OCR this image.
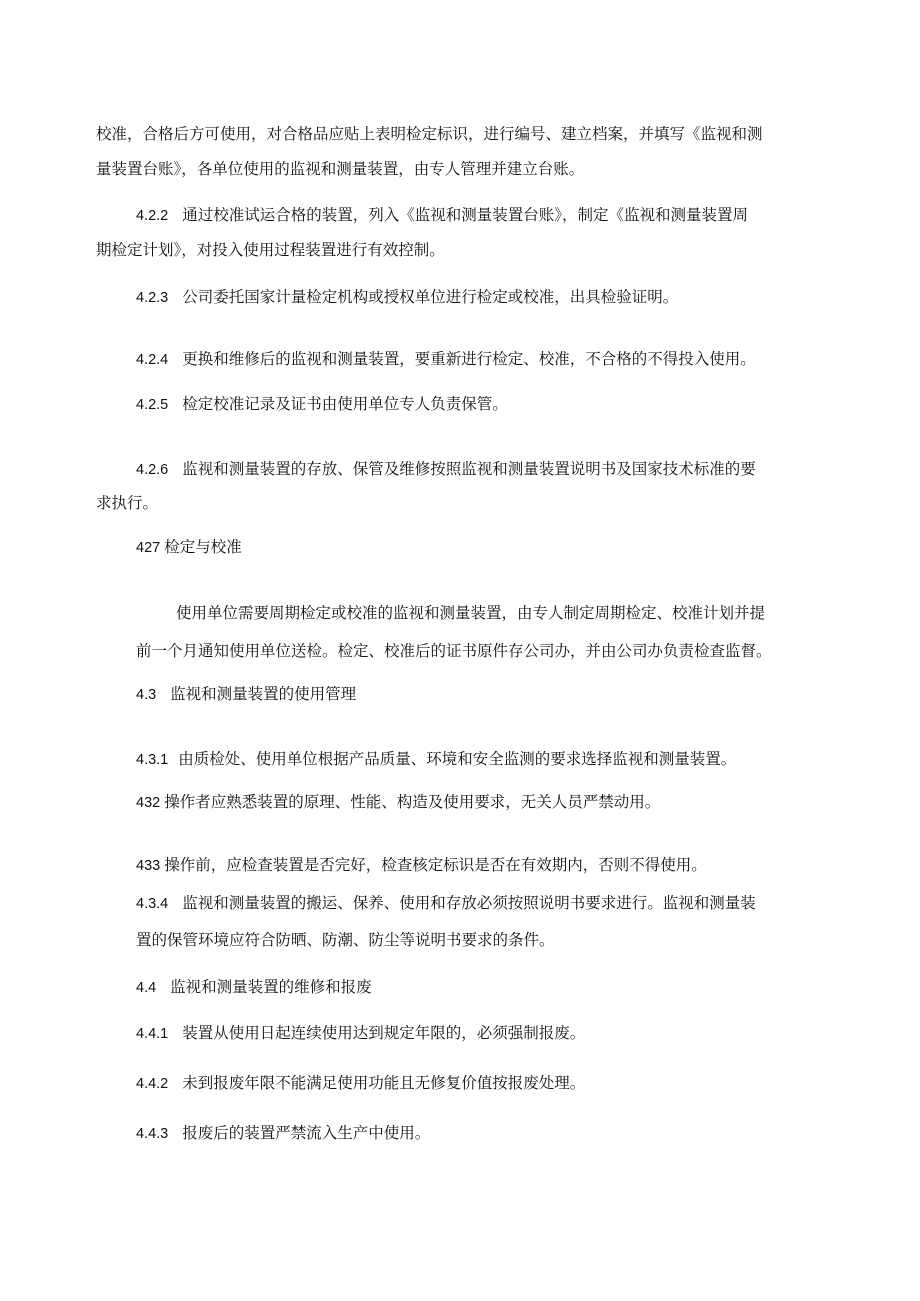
校准，合格后方可使用，对合格品应贴上表明检定标识，进行编号、建立档案，并填写《监视和测
量装置台账》，各单位使用的监视和测量装置，由专人管理并建立台账。

4.2.2 通过校准试运合格的装置，列入《监视和测量装置台账》，制定《监视和测量装置周

期检定计划》，对投入使用过程装置进行有效控制。

4.2.3 公司委托国家计量检定机构或授权单位进行检定或校准，出具检验证明。

4.2.4 更换和维修后的监视和测量装置，要重新进行检定、校准，不合格的不得投入使用。

4.2.5 检定校准记录及证书由使用单位专人负责保管。

4.2.6 监视和测量装置的存放、保管及维修按照监视和测量装置说明书及国家技术标准的要

求执行。

427 检定与校准

使用单位需要周期检定或校准的监视和测量装置，由专人制定周期检定、校准计划并提

前一个月通知使用单位送检。检定、校准后的证书原件存公司办，并由公司办负责检查监督。

4.3 监视和测量装置的使用管理

4.3.1 由质检处、使用单位根据产品质量、环境和安全监测的要求选择监视和测量装置。

432 操作者应熟悉装置的原理、性能、构造及使用要求，无关人员严禁动用。

433 操作前，应检查装置是否完好，检查核定标识是否在有效期内，否则不得使用。

4.3.4 监视和测量装置的搬运、保养、使用和存放必须按照说明书要求进行。监视和测量装

置的保管环境应符合防晒、防潮、防尘等说明书要求的条件。

4.4 监视和测量装置的维修和报废

4.4.1 装置从使用日起连续使用达到规定年限的，必须强制报废。

4.4.2 未到报废年限不能满足使用功能且无修复价值按报废处理。

4.4.3 报废后的装置严禁流入生产中使用。
